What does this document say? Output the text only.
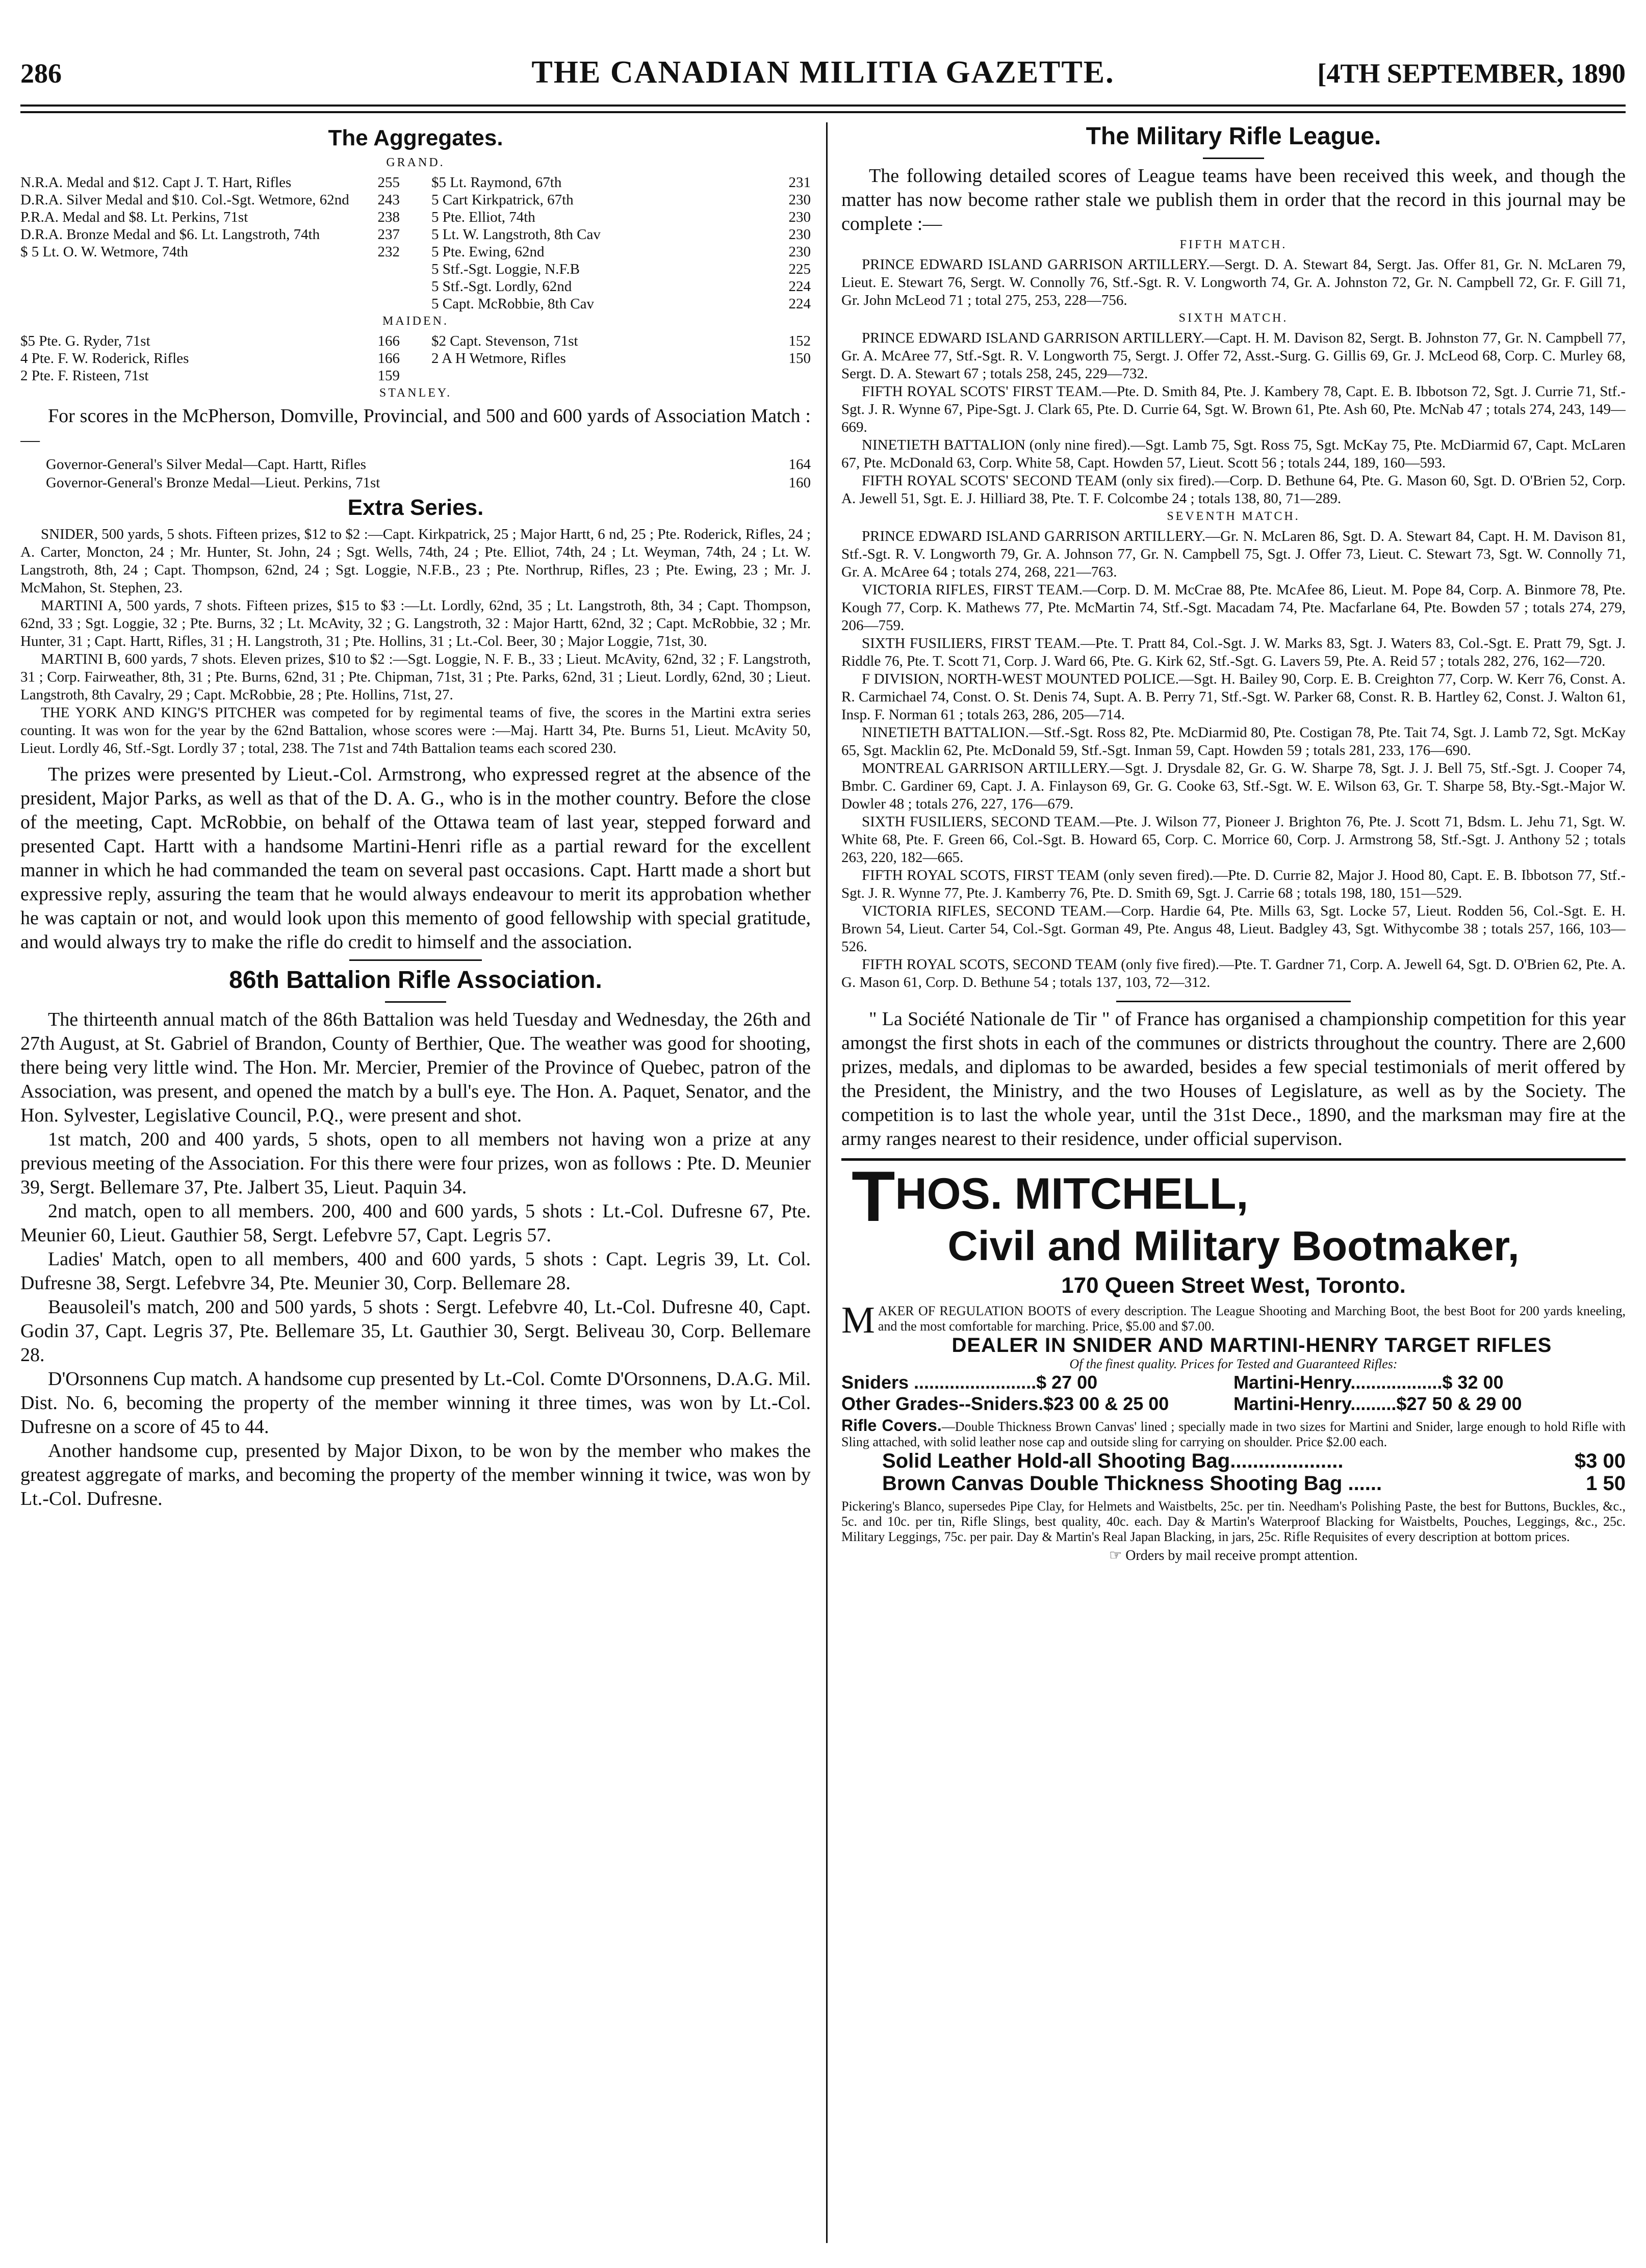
286	THE CANADIAN MILITIA GAZETTE.	[4TH SEPTEMBER, 1890
The Aggregates.
GRAND.
N.R.A. Medal and $12. Capt J. T. Hart, Rifles	255
D.R.A. Silver Medal and $10. Col.-Sgt. Wetmore, 62nd	243
P.R.A. Medal and $8. Lt. Perkins, 71st	238
D.R.A. Bronze Medal and $6. Lt. Langstroth, 74th	237
$ 5 Lt. O. W. Wetmore, 74th	232
$5 Lt. Raymond, 67th	231
5 Cart Kirkpatrick, 67th	230
5 Pte. Elliot, 74th	230
5 Lt. W. Langstroth, 8th Cav	230
5 Pte. Ewing, 62nd	230
5 Stf.-Sgt. Loggie, N.F.B	225
5 Stf.-Sgt. Lordly, 62nd	224
5 Capt. McRobbie, 8th Cav	224
MAIDEN.
$5 Pte. G. Ryder, 71st	166
4 Pte. F. W. Roderick, Rifles	166
2 Pte. F. Risteen, 71st	159
$2 Capt. Stevenson, 71st	152
2 A H Wetmore, Rifles	150
STANLEY.

For scores in the McPherson, Domville, Provincial, and 500 and 600 yards of Association Match :—

Governor-General's Silver Medal—Capt. Hartt, Rifles	164
Governor-General's Bronze Medal—Lieut. Perkins, 71st	160
Extra Series.

SNIDER, 500 yards, 5 shots. Fifteen prizes, $12 to $2 :—Capt. Kirkpatrick, 25 ; Major Hartt, 6 nd, 25 ; Pte. Roderick, Rifles, 24 ; A. Carter, Moncton, 24 ; Mr. Hunter, St. John, 24 ; Sgt. Wells, 74th, 24 ; Pte. Elliot, 74th, 24 ; Lt. Weyman, 74th, 24 ; Lt. W. Langstroth, 8th, 24 ; Capt. Thompson, 62nd, 24 ; Sgt. Loggie, N.F.B., 23 ; Pte. Northrup, Rifles, 23 ; Pte. Ewing, 23 ; Mr. J. McMahon, St. Stephen, 23.

MARTINI A, 500 yards, 7 shots. Fifteen prizes, $15 to $3 :—Lt. Lordly, 62nd, 35 ; Lt. Langstroth, 8th, 34 ; Capt. Thompson, 62nd, 33 ; Sgt. Loggie, 32 ; Pte. Burns, 32 ; Lt. McAvity, 32 ; G. Langstroth, 32 : Major Hartt, 62nd, 32 ; Capt. McRobbie, 32 ; Mr. Hunter, 31 ; Capt. Hartt, Rifles, 31 ; H. Langstroth, 31 ; Pte. Hollins, 31 ; Lt.-Col. Beer, 30 ; Major Loggie, 71st, 30.

MARTINI B, 600 yards, 7 shots. Eleven prizes, $10 to $2 :—Sgt. Loggie, N. F. B., 33 ; Lieut. McAvity, 62nd, 32 ; F. Langstroth, 31 ; Corp. Fairweather, 8th, 31 ; Pte. Burns, 62nd, 31 ; Pte. Chipman, 71st, 31 ; Pte. Parks, 62nd, 31 ; Lieut. Lordly, 62nd, 30 ; Lieut. Langstroth, 8th Cavalry, 29 ; Capt. McRobbie, 28 ; Pte. Hollins, 71st, 27.

THE YORK AND KING'S PITCHER was competed for by regimental teams of five, the scores in the Martini extra series counting. It was won for the year by the 62nd Battalion, whose scores were :—Maj. Hartt 34, Pte. Burns 51, Lieut. McAvity 50, Lieut. Lordly 46, Stf.-Sgt. Lordly 37 ; total, 238. The 71st and 74th Battalion teams each scored 230.

The prizes were presented by Lieut.-Col. Armstrong, who expressed regret at the absence of the president, Major Parks, as well as that of the D. A. G., who is in the mother country. Before the close of the meeting, Capt. McRobbie, on behalf of the Ottawa team of last year, stepped forward and presented Capt. Hartt with a handsome Martini-Henri rifle as a partial reward for the excellent manner in which he had commanded the team on several past occasions. Capt. Hartt made a short but expressive reply, assuring the team that he would always endeavour to merit its approbation whether he was captain or not, and would look upon this memento of good fellowship with special gratitude, and would always try to make the rifle do credit to himself and the association.

86th Battalion Rifle Association.

The thirteenth annual match of the 86th Battalion was held Tuesday and Wednesday, the 26th and 27th August, at St. Gabriel of Brandon, County of Berthier, Que. The weather was good for shooting, there being very little wind. The Hon. Mr. Mercier, Premier of the Province of Quebec, patron of the Association, was present, and opened the match by a bull's eye. The Hon. A. Paquet, Senator, and the Hon. Sylvester, Legislative Council, P.Q., were present and shot.

1st match, 200 and 400 yards, 5 shots, open to all members not having won a prize at any previous meeting of the Association. For this there were four prizes, won as follows : Pte. D. Meunier 39, Sergt. Bellemare 37, Pte. Jalbert 35, Lieut. Paquin 34.

2nd match, open to all members. 200, 400 and 600 yards, 5 shots : Lt.-Col. Dufresne 67, Pte. Meunier 60, Lieut. Gauthier 58, Sergt. Lefebvre 57, Capt. Legris 57.

Ladies' Match, open to all members, 400 and 600 yards, 5 shots : Capt. Legris 39, Lt. Col. Dufresne 38, Sergt. Lefebvre 34, Pte. Meunier 30, Corp. Bellemare 28.

Beausoleil's match, 200 and 500 yards, 5 shots : Sergt. Lefebvre 40, Lt.-Col. Dufresne 40, Capt. Godin 37, Capt. Legris 37, Pte. Bellemare 35, Lt. Gauthier 30, Sergt. Beliveau 30, Corp. Bellemare 28.

D'Orsonnens Cup match. A handsome cup presented by Lt.-Col. Comte D'Orsonnens, D.A.G. Mil. Dist. No. 6, becoming the property of the member winning it three times, was won by Lt.-Col. Dufresne on a score of 45 to 44.

Another handsome cup, presented by Major Dixon, to be won by the member who makes the greatest aggregate of marks, and becoming the property of the member winning it twice, was won by Lt.-Col. Dufresne.

The Military Rifle League.

The following detailed scores of League teams have been received this week, and though the matter has now become rather stale we publish them in order that the record in this journal may be complete :—

FIFTH MATCH.

PRINCE EDWARD ISLAND GARRISON ARTILLERY.—Sergt. D. A. Stewart 84, Sergt. Jas. Offer 81, Gr. N. McLaren 79, Lieut. E. Stewart 76, Sergt. W. Connolly 76, Stf.-Sgt. R. V. Longworth 74, Gr. A. Johnston 72, Gr. N. Campbell 72, Gr. F. Gill 71, Gr. John McLeod 71 ; total 275, 253, 228—756.

SIXTH MATCH.

PRINCE EDWARD ISLAND GARRISON ARTILLERY.—Capt. H. M. Davison 82, Sergt. B. Johnston 77, Gr. N. Campbell 77, Gr. A. McAree 77, Stf.-Sgt. R. V. Longworth 75, Sergt. J. Offer 72, Asst.-Surg. G. Gillis 69, Gr. J. McLeod 68, Corp. C. Murley 68, Sergt. D. A. Stewart 67 ; totals 258, 245, 229—732.

FIFTH ROYAL SCOTS' FIRST TEAM.—Pte. D. Smith 84, Pte. J. Kambery 78, Capt. E. B. Ibbotson 72, Sgt. J. Currie 71, Stf.-Sgt. J. R. Wynne 67, Pipe-Sgt. J. Clark 65, Pte. D. Currie 64, Sgt. W. Brown 61, Pte. Ash 60, Pte. McNab 47 ; totals 274, 243, 149—669.

NINETIETH BATTALION (only nine fired).—Sgt. Lamb 75, Sgt. Ross 75, Sgt. McKay 75, Pte. McDiarmid 67, Capt. McLaren 67, Pte. McDonald 63, Corp. White 58, Capt. Howden 57, Lieut. Scott 56 ; totals 244, 189, 160—593.

FIFTH ROYAL SCOTS' SECOND TEAM (only six fired).—Corp. D. Bethune 64, Pte. G. Mason 60, Sgt. D. O'Brien 52, Corp. A. Jewell 51, Sgt. E. J. Hilliard 38, Pte. T. F. Colcombe 24 ; totals 138, 80, 71—289.

SEVENTH MATCH.

PRINCE EDWARD ISLAND GARRISON ARTILLERY.—Gr. N. McLaren 86, Sgt. D. A. Stewart 84, Capt. H. M. Davison 81, Stf.-Sgt. R. V. Longworth 79, Gr. A. Johnson 77, Gr. N. Campbell 75, Sgt. J. Offer 73, Lieut. C. Stewart 73, Sgt. W. Connolly 71, Gr. A. McAree 64 ; totals 274, 268, 221—763.

VICTORIA RIFLES, FIRST TEAM.—Corp. D. M. McCrae 88, Pte. McAfee 86, Lieut. M. Pope 84, Corp. A. Binmore 78, Pte. Kough 77, Corp. K. Mathews 77, Pte. McMartin 74, Stf.-Sgt. Macadam 74, Pte. Macfarlane 64, Pte. Bowden 57 ; totals 274, 279, 206—759.

SIXTH FUSILIERS, FIRST TEAM.—Pte. T. Pratt 84, Col.-Sgt. J. W. Marks 83, Sgt. J. Waters 83, Col.-Sgt. E. Pratt 79, Sgt. J. Riddle 76, Pte. T. Scott 71, Corp. J. Ward 66, Pte. G. Kirk 62, Stf.-Sgt. G. Lavers 59, Pte. A. Reid 57 ; totals 282, 276, 162—720.

F DIVISION, NORTH-WEST MOUNTED POLICE.—Sgt. H. Bailey 90, Corp. E. B. Creighton 77, Corp. W. Kerr 76, Const. A. R. Carmichael 74, Const. O. St. Denis 74, Supt. A. B. Perry 71, Stf.-Sgt. W. Parker 68, Const. R. B. Hartley 62, Const. J. Walton 61, Insp. F. Norman 61 ; totals 263, 286, 205—714.

NINETIETH BATTALION.—Stf.-Sgt. Ross 82, Pte. McDiarmid 80, Pte. Costigan 78, Pte. Tait 74, Sgt. J. Lamb 72, Sgt. McKay 65, Sgt. Macklin 62, Pte. McDonald 59, Stf.-Sgt. Inman 59, Capt. Howden 59 ; totals 281, 233, 176—690.

MONTREAL GARRISON ARTILLERY.—Sgt. J. Drysdale 82, Gr. G. W. Sharpe 78, Sgt. J. J. Bell 75, Stf.-Sgt. J. Cooper 74, Bmbr. C. Gardiner 69, Capt. J. A. Finlayson 69, Gr. G. Cooke 63, Stf.-Sgt. W. E. Wilson 63, Gr. T. Sharpe 58, Bty.-Sgt.-Major W. Dowler 48 ; totals 276, 227, 176—679.

SIXTH FUSILIERS, SECOND TEAM.—Pte. J. Wilson 77, Pioneer J. Brighton 76, Pte. J. Scott 71, Bdsm. L. Jehu 71, Sgt. W. White 68, Pte. F. Green 66, Col.-Sgt. B. Howard 65, Corp. C. Morrice 60, Corp. J. Armstrong 58, Stf.-Sgt. J. Anthony 52 ; totals 263, 220, 182—665.

FIFTH ROYAL SCOTS, FIRST TEAM (only seven fired).—Pte. D. Currie 82, Major J. Hood 80, Capt. E. B. Ibbotson 77, Stf.-Sgt. J. R. Wynne 77, Pte. J. Kamberry 76, Pte. D. Smith 69, Sgt. J. Carrie 68 ; totals 198, 180, 151—529.

VICTORIA RIFLES, SECOND TEAM.—Corp. Hardie 64, Pte. Mills 63, Sgt. Locke 57, Lieut. Rodden 56, Col.-Sgt. E. H. Brown 54, Lieut. Carter 54, Col.-Sgt. Gorman 49, Pte. Angus 48, Lieut. Badgley 43, Sgt. Withycombe 38 ; totals 257, 166, 103—526.

FIFTH ROYAL SCOTS, SECOND TEAM (only five fired).—Pte. T. Gardner 71, Corp. A. Jewell 64, Sgt. D. O'Brien 62, Pte. A. G. Mason 61, Corp. D. Bethune 54 ; totals 137, 103, 72—312.

" La Société Nationale de Tir " of France has organised a championship competition for this year amongst the first shots in each of the communes or districts throughout the country. There are 2,600 prizes, medals, and diplomas to be awarded, besides a few special testimonials of merit offered by the President, the Ministry, and the two Houses of Legislature, as well as by the Society. The competition is to last the whole year, until the 31st Dece., 1890, and the marksman may fire at the army ranges nearest to their residence, under official supervison.

THOS. MITCHELL,
Civil and Military Bootmaker,
170 Queen Street West, Toronto.

MAKER OF REGULATION BOOTS of every description. The League Shooting and Marching Boot, the best Boot for 200 yards kneeling, and the most comfortable for marching. Price, $5.00 and $7.00.

DEALER IN SNIDER AND MARTINI-HENRY TARGET RIFLES
Of the finest quality. Prices for Tested and Guaranteed Rifles:
Sniders ........................$ 27 00	Martini-Henry..................$ 32 00
Other Grades--Sniders.$23 00 & 25 00	Martini-Henry.........$27 50 & 29 00

Rifle Covers.—Double Thickness Brown Canvas' lined ; specially made in two sizes for Martini and Snider, large enough to hold Rifle with Sling attached, with solid leather nose cap and outside sling for carrying on shoulder. Price $2.00 each.

Solid Leather Hold-all Shooting Bag....................	$3 00
Brown Canvas Double Thickness Shooting Bag ......	1 50

Pickering's Blanco, supersedes Pipe Clay, for Helmets and Waistbelts, 25c. per tin. Needham's Polishing Paste, the best for Buttons, Buckles, &c., 5c. and 10c. per tin, Rifle Slings, best quality, 40c. each. Day & Martin's Waterproof Blacking for Waistbelts, Pouches, Leggings, &c., 25c. Military Leggings, 75c. per pair. Day & Martin's Real Japan Blacking, in jars, 25c. Rifle Requisites of every description at bottom prices.

☞ Orders by mail receive prompt attention.
